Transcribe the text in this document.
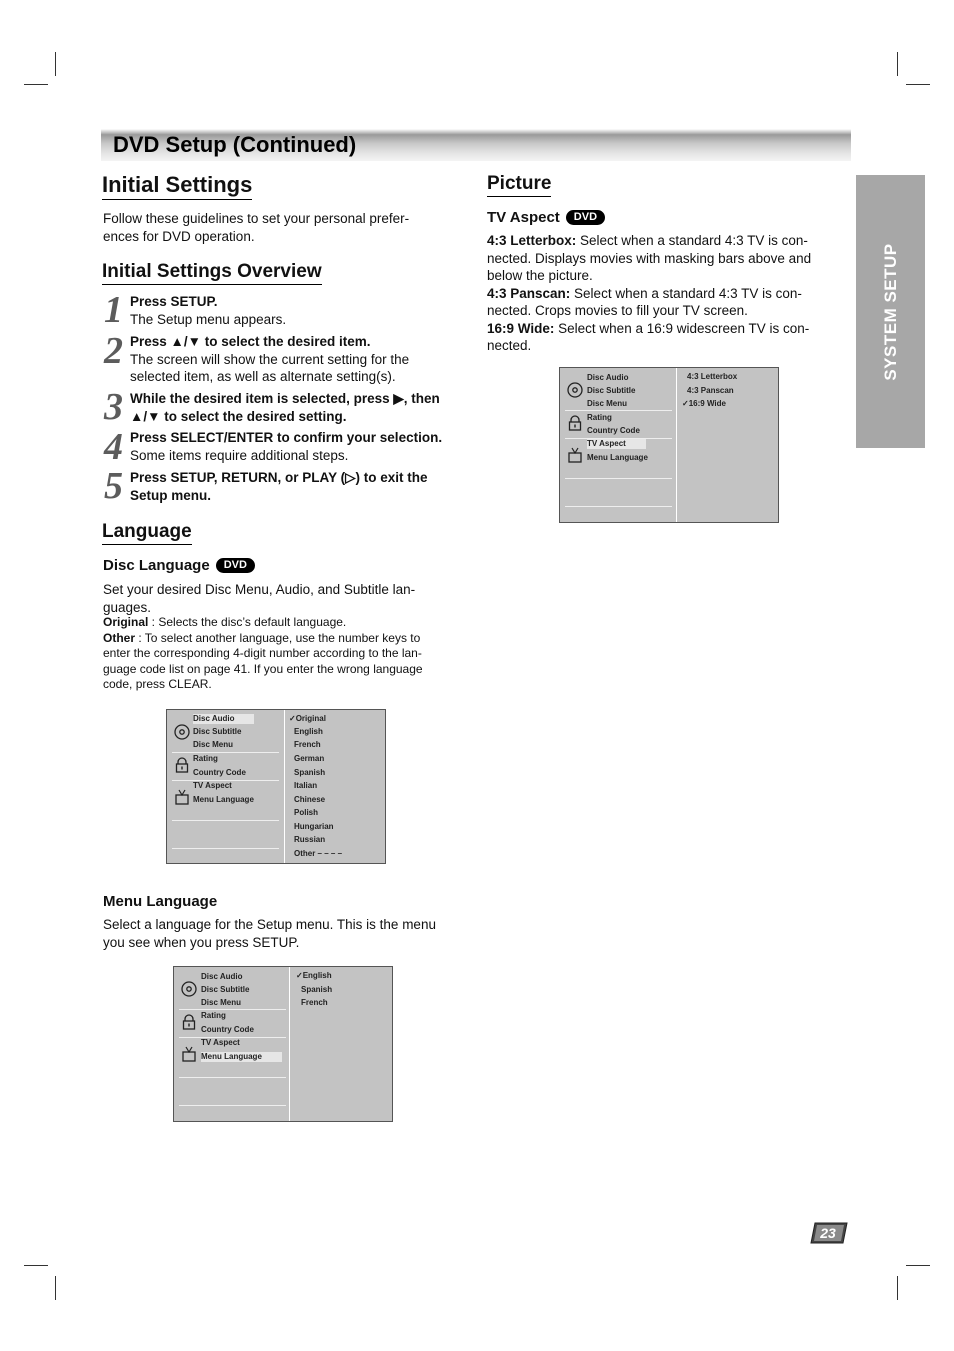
DVD Setup (Continued)
SYSTEM SETUP
Initial Settings
Follow these guidelines to set your personal prefer-
ences for DVD operation.
Initial Settings Overview
1 Press SETUP.
The Setup menu appears.
2 Press ▲/▼ to select the desired item.
The screen will show the current setting for the
selected item, as well as alternate setting(s).
3 While the desired item is selected, press ▶, then
▲/▼ to select the desired setting.
4 Press SELECT/ENTER to confirm your selection.
Some items require additional steps.
5 Press SETUP, RETURN, or PLAY (▷) to exit the
Setup menu.
Language
Disc Language DVD
Set your desired Disc Menu, Audio, and Subtitle lan-
guages.
Original : Selects the disc’s default language.
Other : To select another language, use the number keys to
enter the corresponding 4-digit number according to the lan-
guage code list on page 41. If you enter the wrong language
code, press CLEAR.
Disc Audio
Disc Subtitle
Disc Menu
Rating
Country Code
TV Aspect
Menu Language
✓Original
English
French
German
Spanish
Italian
Chinese
Polish
Hungarian
Russian
Other – – – –
Menu Language
Select a language for the Setup menu. This is the menu
you see when you press SETUP.
Disc Audio
Disc Subtitle
Disc Menu
Rating
Country Code
TV Aspect
Menu Language
✓English
Spanish
French
Picture
TV Aspect DVD
4:3 Letterbox: Select when a standard 4:3 TV is con-
nected. Displays movies with masking bars above and
below the picture.
4:3 Panscan: Select when a standard 4:3 TV is con-
nected. Crops movies to fill your TV screen.
16:9 Wide: Select when a 16:9 widescreen TV is con-
nected.
Disc Audio
Disc Subtitle
Disc Menu
Rating
Country Code
TV Aspect
Menu Language
4:3 Letterbox
4:3 Panscan
✓16:9 Wide
23
